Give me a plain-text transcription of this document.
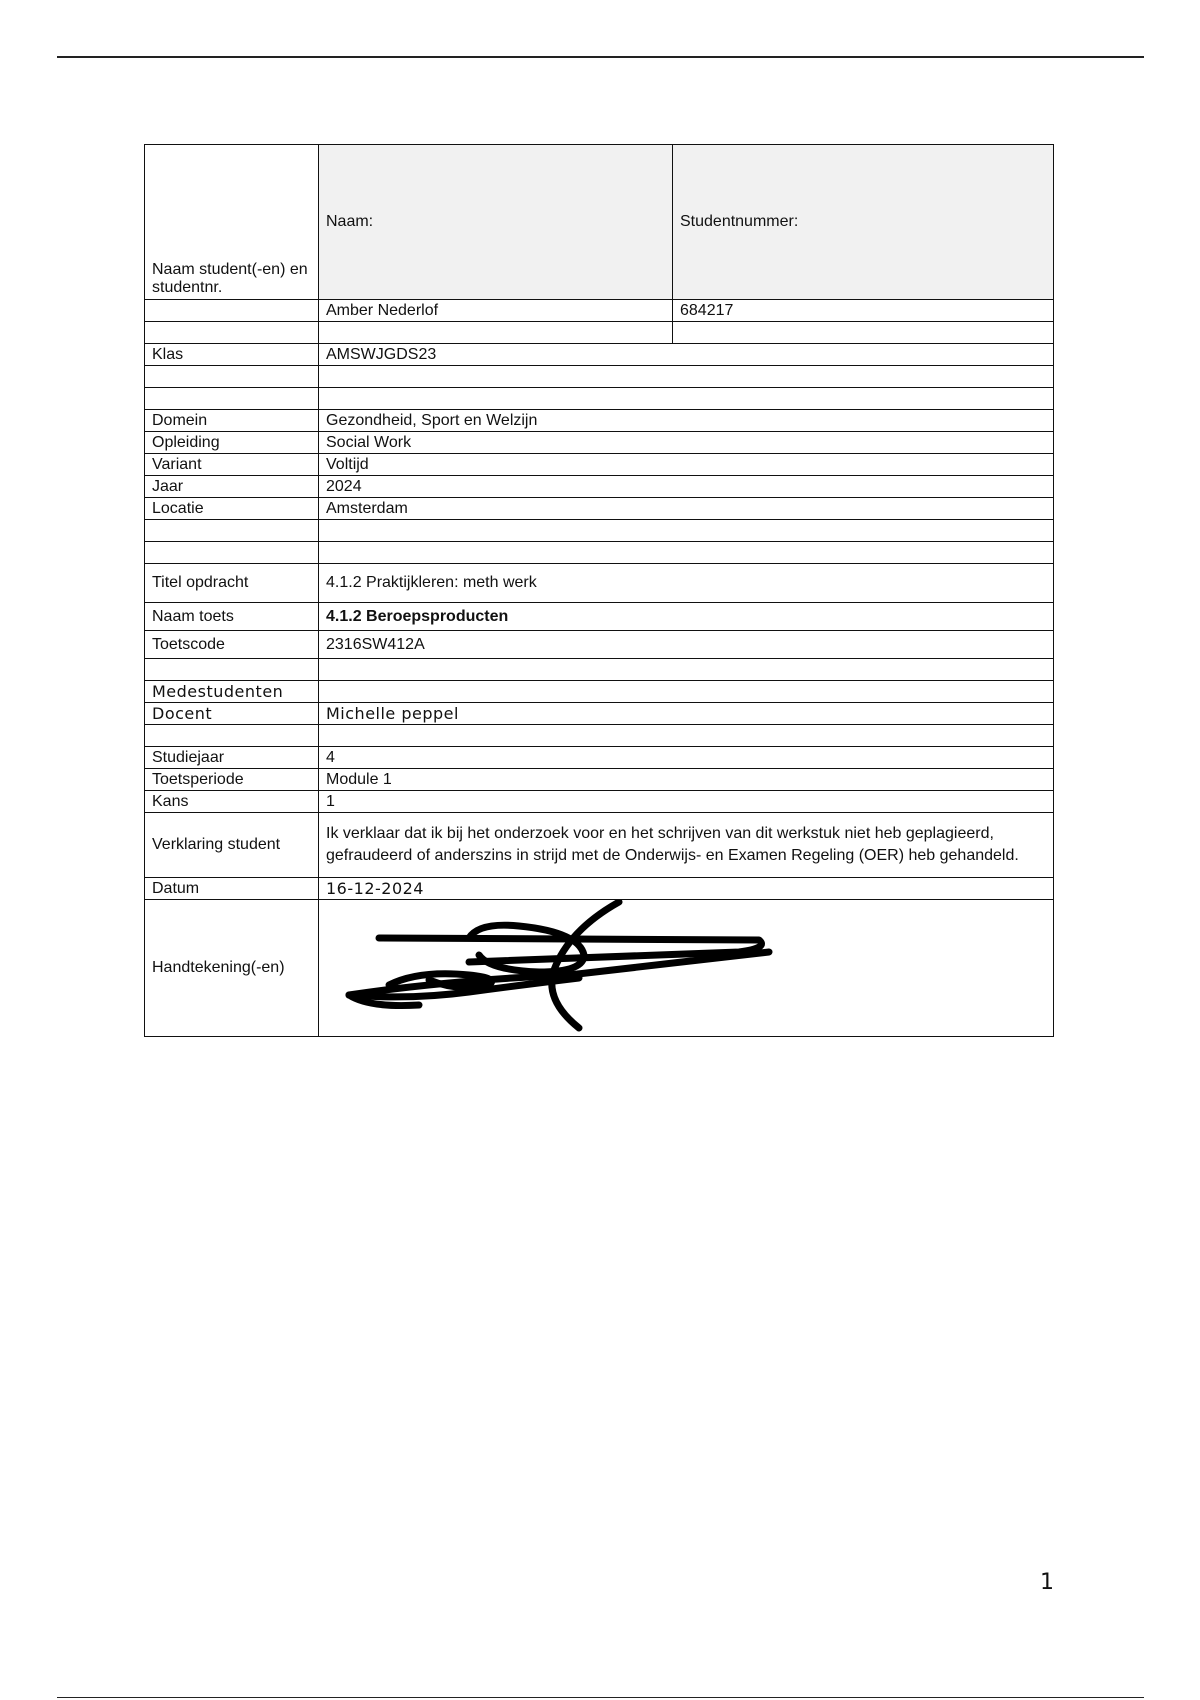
Naam student(-en) en studentnr.	Naam:	Studentnummer:
	Amber Nederlof	684217

Klas	AMSWJGDS23	

Domein	Gezondheid, Sport en Welzijn	
Opleiding	Social Work	
Variant	Voltijd	
Jaar	2024	
Locatie	Amsterdam	

Titel opdracht	4.1.2 Praktijkleren: meth werk	
Naam toets	4.1.2 Beroepsproducten	
Toetscode	2316SW412A	

Medestudenten		
Docent	Michelle peppel	

Studiejaar	4	
Toetsperiode	Module 1	
Kans	1	
Verklaring student	Ik verklaar dat ik bij het onderzoek voor en het schrijven van dit werkstuk niet heb geplagieerd, gefraudeerd of anderszins in strijd met de Onderwijs- en Examen Regeling (OER) heb gehandeld.	
Datum	16-12-2024	
Handtekening(-en)	
1
